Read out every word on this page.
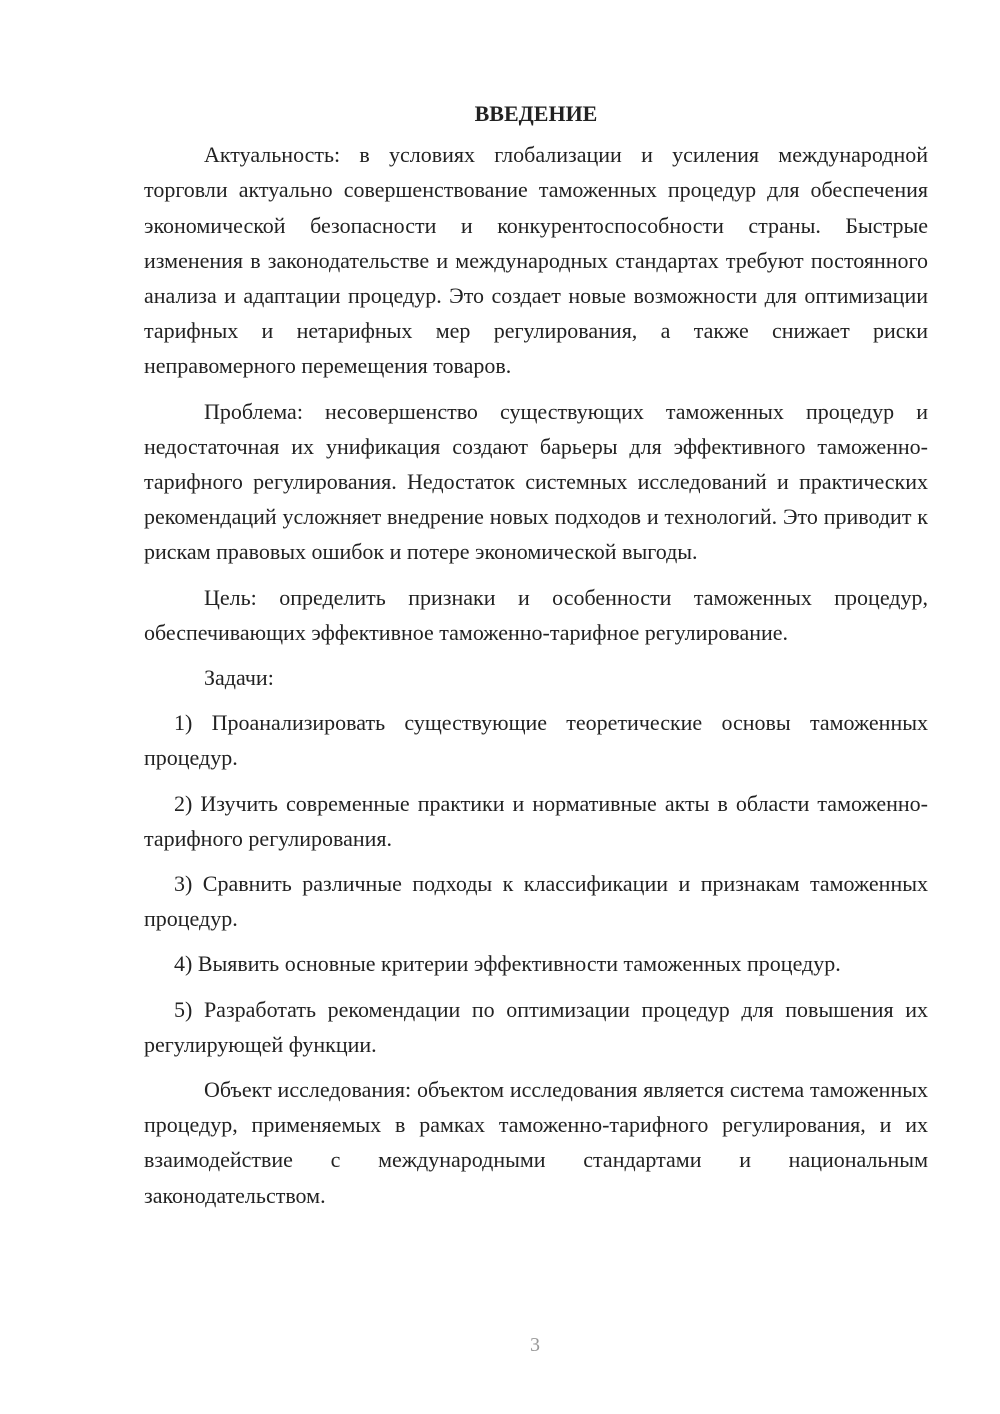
ВВЕДЕНИЕ

Актуальность: в условиях глобализации и усиления международной торговли актуально совершенствование таможенных процедур для обеспечения экономической безопасности и конкурентоспособности страны. Быстрые изменения в законодательстве и международных стандартах требуют постоянного анализа и адаптации процедур. Это создает новые возможности для оптимизации тарифных и нетарифных мер регулирования, а также снижает риски неправомерного перемещения товаров.

Проблема: несовершенство существующих таможенных процедур и недостаточная их унификация создают барьеры для эффективного таможенно-тарифного регулирования. Недостаток системных исследований и практических рекомендаций усложняет внедрение новых подходов и технологий. Это приводит к рискам правовых ошибок и потере экономической выгоды.

Цель: определить признаки и особенности таможенных процедур, обеспечивающих эффективное таможенно-тарифное регулирование.

Задачи:

1) Проанализировать существующие теоретические основы таможенных процедур.

2) Изучить современные практики и нормативные акты в области таможенно-тарифного регулирования.

3) Сравнить различные подходы к классификации и признакам таможенных процедур.

4) Выявить основные критерии эффективности таможенных процедур.

5) Разработать рекомендации по оптимизации процедур для повышения их регулирующей функции.

Объект исследования: объектом исследования является система таможенных процедур, применяемых в рамках таможенно-тарифного регулирования, и их взаимодействие с международными стандартами и национальным законодательством.

3
